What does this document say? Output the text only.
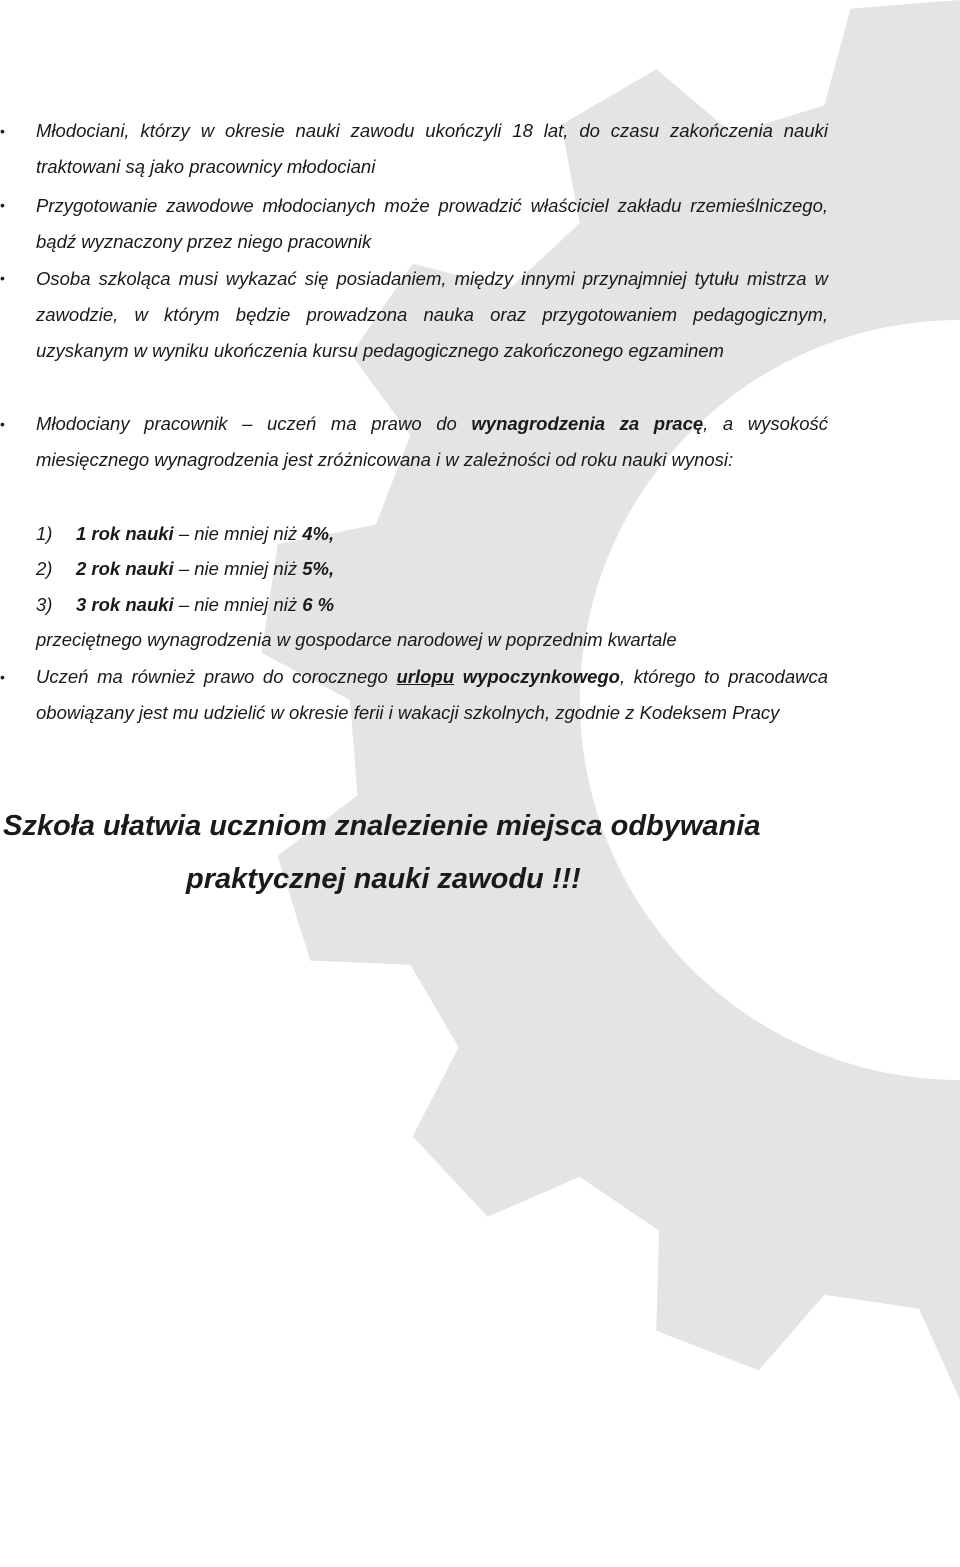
• Młodociani, którzy w okresie nauki zawodu ukończyli 18 lat, do czasu zakończenia nauki traktowani są jako pracownicy młodociani

• Przygotowanie zawodowe młodocianych może prowadzić właściciel zakładu rzemieślniczego, bądź wyznaczony przez niego pracownik

• Osoba szkoląca musi wykazać się posiadaniem, między innymi przynajmniej tytułu mistrza w zawodzie, w którym będzie prowadzona nauka oraz przygotowaniem pedagogicznym, uzyskanym w wyniku ukończenia kursu pedagogicznego zakończonego egzaminem

• Młodociany pracownik – uczeń ma prawo do wynagrodzenia za pracę, a wysokość miesięcznego wynagrodzenia jest zróżnicowana i w zależności od roku nauki wynosi:

1) 1 rok nauki – nie mniej niż 4%,
2) 2 rok nauki – nie mniej niż 5%,
3) 3 rok nauki – nie mniej niż 6 %
przeciętnego wynagrodzenia w gospodarce narodowej w poprzednim kwartale
• Uczeń ma również prawo do corocznego urlopu wypoczynkowego, którego to pracodawca obowiązany jest mu udzielić w okresie ferii i wakacji szkolnych, zgodnie z Kodeksem Pracy

Szkoła ułatwia uczniom znalezienie miejsca odbywania
praktycznej nauki zawodu !!!
